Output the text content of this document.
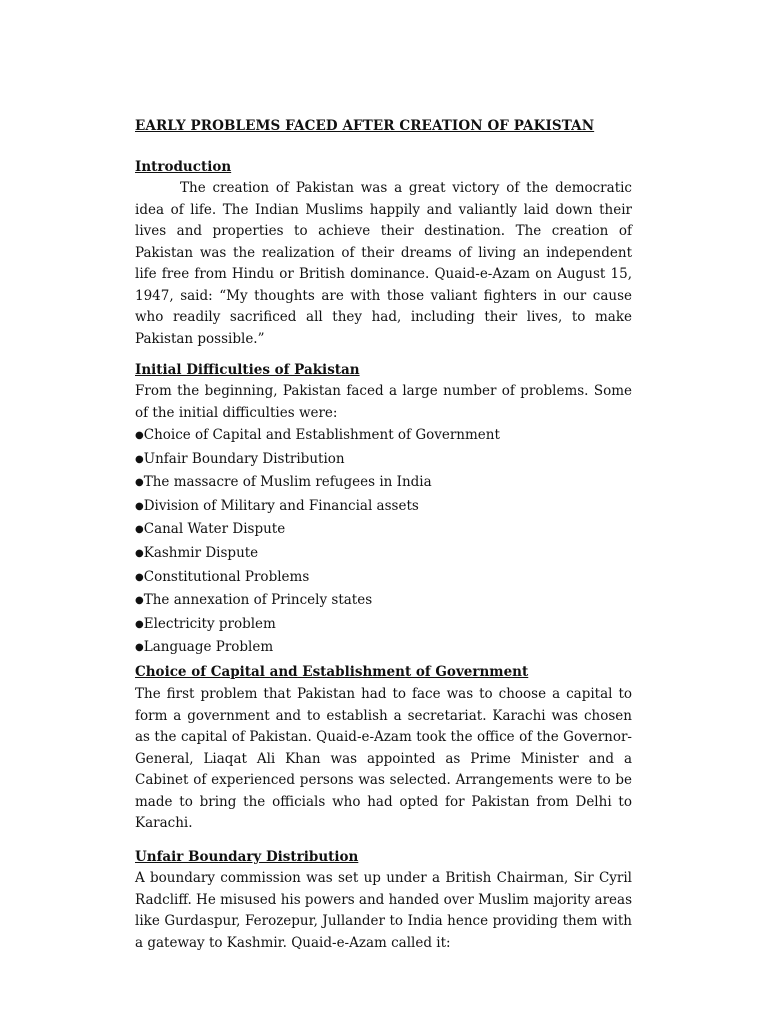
EARLY PROBLEMS FACED AFTER CREATION OF PAKISTAN
Introduction

The creation of Pakistan was a great victory of the democratic idea of life. The Indian Muslims happily and valiantly laid down their lives and properties to achieve their destination. The creation of Pakistan was the realization of their dreams of living an independent life free from Hindu or British dominance. Quaid-e-Azam on August 15, 1947, said: “My thoughts are with those valiant fighters in our cause who readily sacrificed all they had, including their lives, to make Pakistan possible.”

Initial Difficulties of Pakistan

From the beginning, Pakistan faced a large number of problems. Some of the initial difficulties were:

●Choice of Capital and Establishment of Government
●Unfair Boundary Distribution
●The massacre of Muslim refugees in India
●Division of Military and Financial assets
●Canal Water Dispute
●Kashmir Dispute
●Constitutional Problems
●The annexation of Princely states
●Electricity problem
●Language Problem
Choice of Capital and Establishment of Government

The first problem that Pakistan had to face was to choose a capital to form a government and to establish a secretariat. Karachi was chosen as the capital of Pakistan. Quaid-e-Azam took the office of the Governor-General, Liaqat Ali Khan was appointed as Prime Minister and a Cabinet of experienced persons was selected. Arrangements were to be made to bring the officials who had opted for Pakistan from Delhi to Karachi.

Unfair Boundary Distribution

A boundary commission was set up under a British Chairman, Sir Cyril Radcliff. He misused his powers and handed over Muslim majority areas like Gurdaspur, Ferozepur, Jullander to India hence providing them with a gateway to Kashmir. Quaid-e-Azam called it:
